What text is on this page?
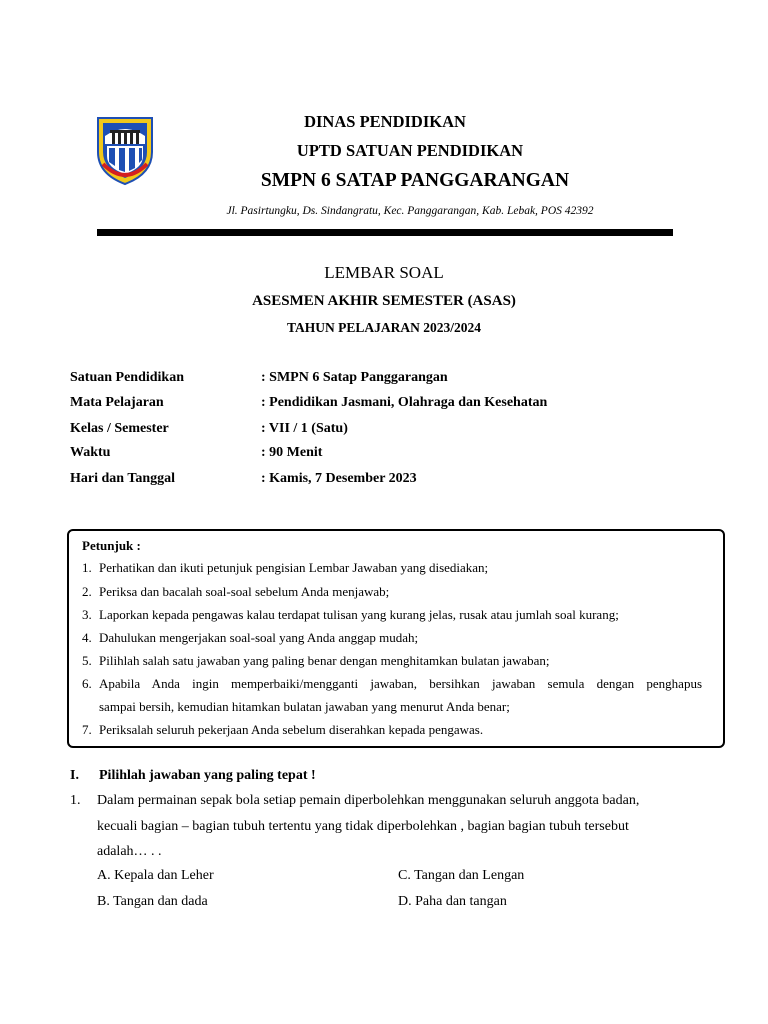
DINAS PENDIDIKAN
UPTD SATUAN PENDIDIKAN
SMPN 6 SATAP PANGGARANGAN
Jl. Pasirtungku, Ds. Sindangratu, Kec. Panggarangan, Kab. Lebak, POS 42392
LEMBAR SOAL
ASESMEN AKHIR SEMESTER (ASAS)
TAHUN PELAJARAN 2023/2024
Satuan Pendidikan	: SMPN 6 Satap Panggarangan
Mata Pelajaran	: Pendidikan Jasmani, Olahraga dan Kesehatan
Kelas / Semester	: VII / 1 (Satu)
Waktu	: 90 Menit
Hari dan Tanggal	: Kamis, 7 Desember 2023
Petunjuk :
1. Perhatikan dan ikuti petunjuk pengisian Lembar Jawaban yang disediakan;
2. Periksa dan bacalah soal-soal sebelum Anda menjawab;
3. Laporkan kepada pengawas kalau terdapat tulisan yang kurang jelas, rusak atau jumlah soal kurang;
4. Dahulukan mengerjakan soal-soal yang Anda anggap mudah;
5. Pilihlah salah satu jawaban yang paling benar dengan menghitamkan bulatan jawaban;
6. Apabila Anda ingin memperbaiki/mengganti jawaban, bersihkan jawaban semula dengan penghapus
sampai bersih, kemudian hitamkan bulatan jawaban yang menurut Anda benar;
7. Periksalah seluruh pekerjaan Anda sebelum diserahkan kepada pengawas.
I. Pilihlah jawaban yang paling tepat !
1. Dalam permainan sepak bola setiap pemain diperbolehkan menggunakan seluruh anggota badan,
kecuali bagian – bagian tubuh tertentu yang tidak diperbolehkan , bagian bagian tubuh tersebut
adalah… . .
A. Kepala dan Leher	C. Tangan dan Lengan
B. Tangan dan dada	D. Paha dan tangan
